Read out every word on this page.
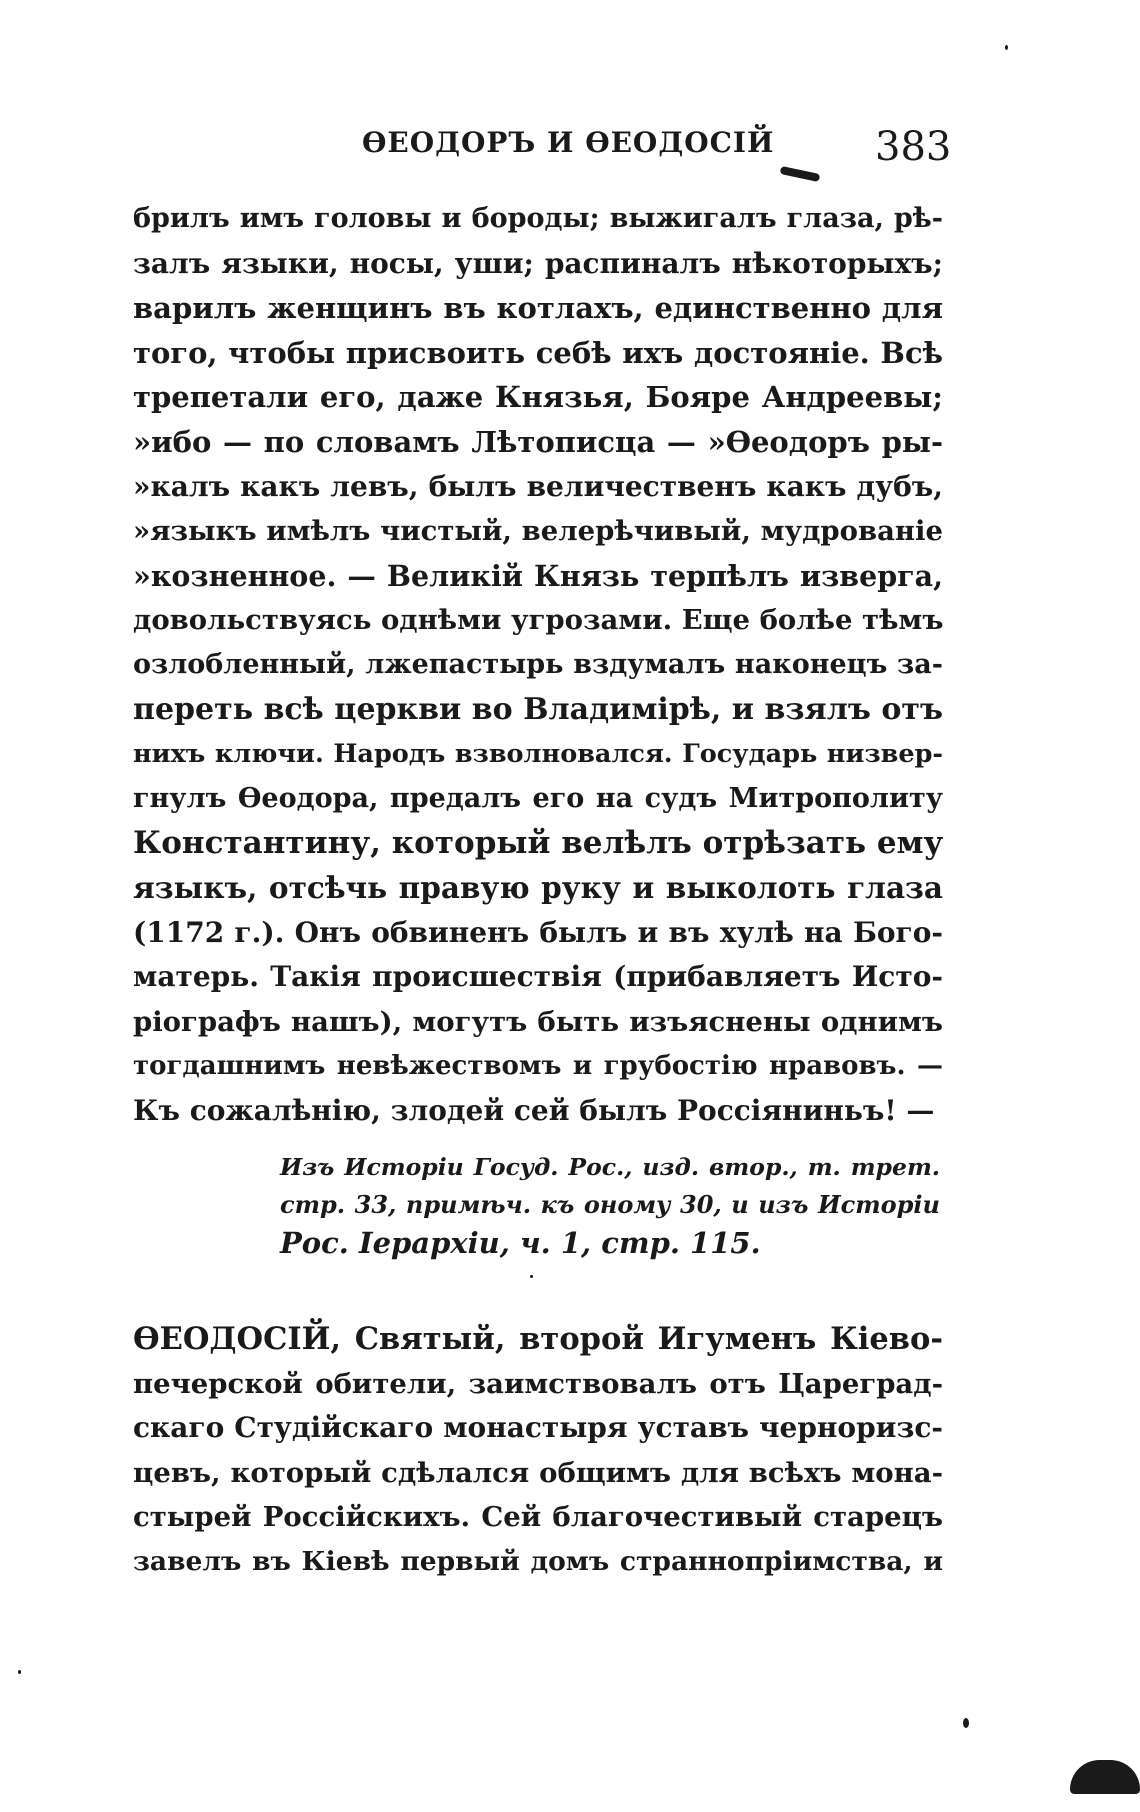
ѲЕОДОРЪ И ѲЕОДОСІЙ	383
брилъ имъ головы и бороды; выжигалъ глаза, рѣ-
залъ языки, носы, уши; распиналъ нѣкоторыхъ;
варилъ женщинъ въ котлахъ, единственно для
того, чтобы присвоить себѣ ихъ достояніе. Всѣ
трепетали его, даже Князья, Бояре Андреевы;
»ибо — по словамъ Лѣтописца — »Ѳеодоръ ры-
»калъ какъ левъ, былъ величественъ какъ дубъ,
»языкъ имѣлъ чистый, велерѣчивый, мудрованіе
»козненное. — Великій Князь терпѣлъ изверга,
довольствуясь однѣми угрозами. Еще болѣе тѣмъ
озлобленный, лжепастырь вздумалъ наконецъ за-
переть всѣ церкви во Владимірѣ, и взялъ отъ
нихъ ключи. Народъ взволновался. Государь низвер-
гнулъ Ѳеодора, предалъ его на судъ Митрополиту
Константину, который велѣлъ отрѣзать ему
языкъ, отсѣчь правую руку и выколоть глаза
(1172 г.). Онъ обвиненъ былъ и въ хулѣ на Бого-
матерь. Такія происшествія (прибавляетъ Исто-
ріографъ нашъ), могутъ быть изъяснены однимъ
тогдашнимъ невѣжествомъ и грубостію нравовъ. —
Къ сожалѣнію, злодей сей былъ Россіяниньъ! —
Изъ Исторіи Госуд. Рос., изд. втор., т. трет.
стр. 33, примѣч. къ оному 30, и изъ Исторіи
Рос. Іерархіи, ч. 1, стр. 115.
ѲЕОДОСІЙ, Святый, второй Игуменъ Кіево-
печерской обители, заимствовалъ отъ Цареград-
скаго Студійскаго монастыря уставъ черноризс-
цевъ, который сдѣлался общимъ для всѣхъ мона-
стырей Россійскихъ. Сей благочестивый старецъ
завелъ въ Кіевѣ первый домъ страннопріимства, и
